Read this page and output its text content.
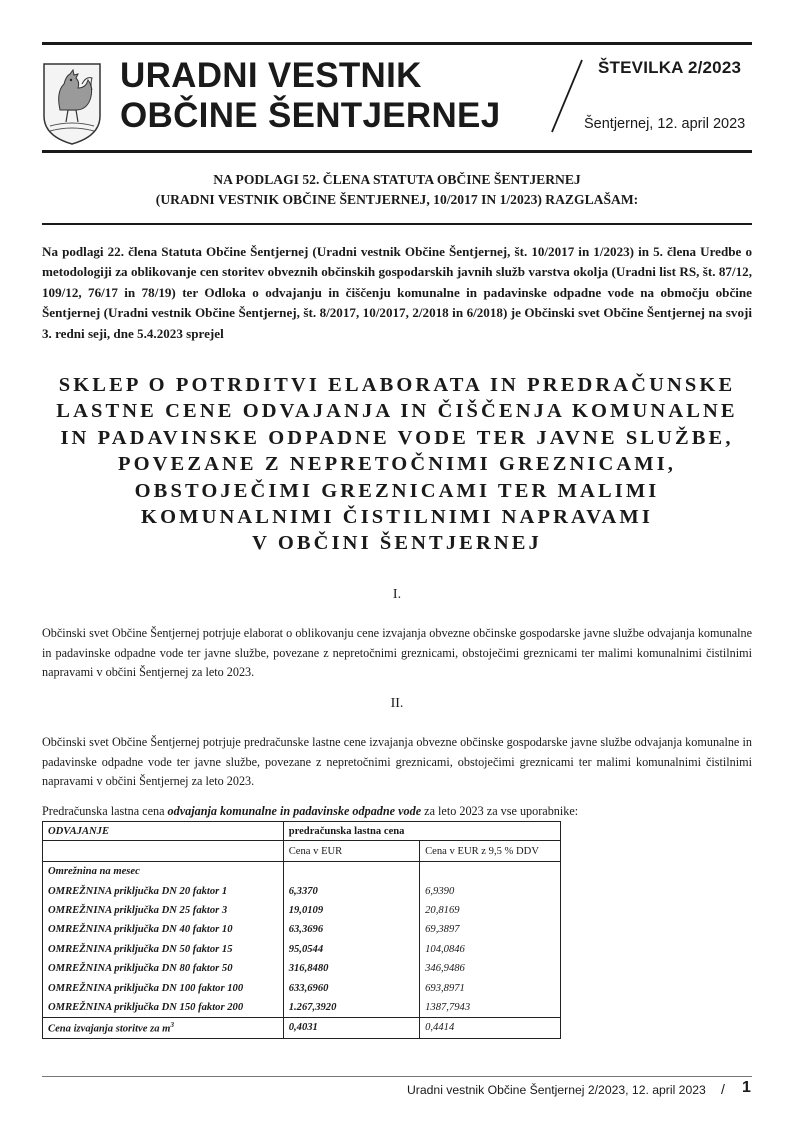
URADNI VESTNIK
OBČINE ŠENTJERNEJ
ŠTEVILKA 2/2023
Šentjernej, 12. april 2023
NA PODLAGI 52. ČLENA STATUTA OBČINE ŠENTJERNEJ
(URADNI VESTNIK OBČINE ŠENTJERNEJ, 10/2017 IN 1/2023) RAZGLAŠAM:
Na podlagi 22. člena Statuta Občine Šentjernej (Uradni vestnik Občine Šentjernej, št. 10/2017 in 1/2023) in 5. člena Uredbe o metodologiji za oblikovanje cen storitev obveznih občinskih gospodarskih javnih služb varstva okolja (Uradni list RS, št. 87/12, 109/12, 76/17 in 78/19) ter Odloka o odvajanju in čiščenju komunalne in padavinske odpadne vode na območju občine Šentjernej (Uradni vestnik Občine Šentjernej, št. 8/2017, 10/2017, 2/2018 in 6/2018) je Občinski svet Občine Šentjernej na svoji 3. redni seji, dne 5.4.2023 sprejel
SKLEP O POTRDITVI ELABORATA IN PREDRAČUNSKE
LASTNE CENE ODVAJANJA IN ČIŠČENJA KOMUNALNE
IN PADAVINSKE ODPADNE VODE TER JAVNE SLUŽBE,
POVEZANE Z NEPRETOČNIMI GREZNICAMI,
OBSTOJEČIMI GREZNICAMI TER MALIMI
KOMUNALNIMI ČISTILNIMI NAPRAVAMI
V OBČINI ŠENTJERNEJ
I.
Občinski svet Občine Šentjernej potrjuje elaborat o oblikovanju cene izvajanja obvezne občinske gospodarske javne službe odvajanja komunalne in padavinske odpadne vode ter javne službe, povezane z nepretočnimi greznicami, obstoječimi greznicami ter malimi komunalnimi čistilnimi napravami v občini Šentjernej za leto 2023.
II.
Občinski svet Občine Šentjernej potrjuje predračunske lastne cene izvajanja obvezne občinske gospodarske javne službe odvajanja komunalne in padavinske odpadne vode ter javne službe, povezane z nepretočnimi greznicami, obstoječimi greznicami ter malimi komunalnimi čistilnimi napravami v občini Šentjernej za leto 2023.
Predračunska lastna cena odvajanja komunalne in padavinske odpadne vode za leto 2023 za vse uporabnike:
ODVAJANJE	predračunska lastna cena	
	Cena v EUR	Cena v EUR z 9,5 % DDV
Omrežnina na mesec		
OMREŽNINA priključka DN 20 faktor 1	6,3370	6,9390
OMREŽNINA priključka DN 25 faktor 3	19,0109	20,8169
OMREŽNINA priključka DN 40 faktor 10	63,3696	69,3897
OMREŽNINA priključka DN 50 faktor 15	95,0544	104,0846
OMREŽNINA priključka DN 80 faktor 50	316,8480	346,9486
OMREŽNINA priključka DN 100 faktor 100	633,6960	693,8971
OMREŽNINA priključka DN 150 faktor 200	1.267,3920	1387,7943
Cena izvajanja storitve za $m^3$	0,4031	0,4414
Uradni vestnik Občine Šentjernej 2/2023, 12. april 2023 / 1
